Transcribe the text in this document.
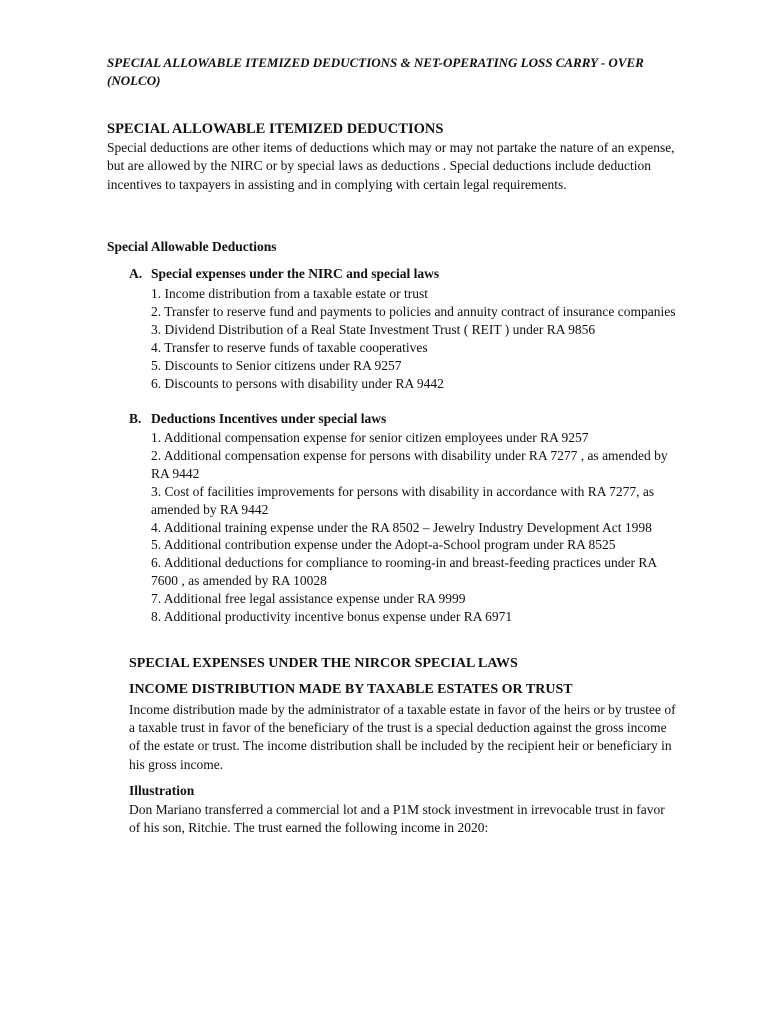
SPECIAL ALLOWABLE ITEMIZED DEDUCTIONS & NET-OPERATING LOSS CARRY - OVER (NOLCO)
SPECIAL ALLOWABLE ITEMIZED DEDUCTIONS
Special deductions are other items of deductions which may or may not partake the nature of an expense, but are allowed by the NIRC or by special laws as deductions . Special deductions include deduction incentives to taxpayers in assisting and in complying with certain legal requirements.
Special Allowable Deductions
A. Special expenses under the NIRC and special laws
1. Income distribution from a taxable estate or trust
2. Transfer to reserve fund and payments to policies and annuity contract of insurance companies
3. Dividend Distribution of a Real State Investment Trust ( REIT ) under RA 9856
4. Transfer to reserve funds of taxable cooperatives
5. Discounts to Senior citizens under RA 9257
6. Discounts to persons with disability under RA 9442
B. Deductions Incentives under special laws
1. Additional compensation expense for senior citizen employees under RA 9257
2. Additional compensation expense for persons with disability under RA 7277 , as amended by RA 9442
3. Cost of facilities improvements for persons with disability in accordance with RA 7277, as amended by RA 9442
4. Additional training expense under the RA 8502 – Jewelry Industry Development Act 1998
5. Additional contribution expense under the Adopt-a-School program under RA 8525
6. Additional deductions for compliance to rooming-in and breast-feeding practices under RA 7600 , as amended by RA 10028
7. Additional free legal assistance expense under RA 9999
8. Additional productivity incentive bonus expense under RA 6971
SPECIAL EXPENSES UNDER THE NIRCOR SPECIAL LAWS
INCOME DISTRIBUTION MADE BY TAXABLE ESTATES OR TRUST
Income distribution made by the administrator of a taxable estate in favor of the heirs or by trustee of a taxable trust in favor of the beneficiary of the trust is a special deduction against the gross income of the estate or trust. The income distribution shall be included by the recipient heir or beneficiary in his gross income.
Illustration
Don Mariano transferred a commercial lot and a P1M stock investment in irrevocable trust in favor of his son, Ritchie. The trust earned the following income in 2020:
